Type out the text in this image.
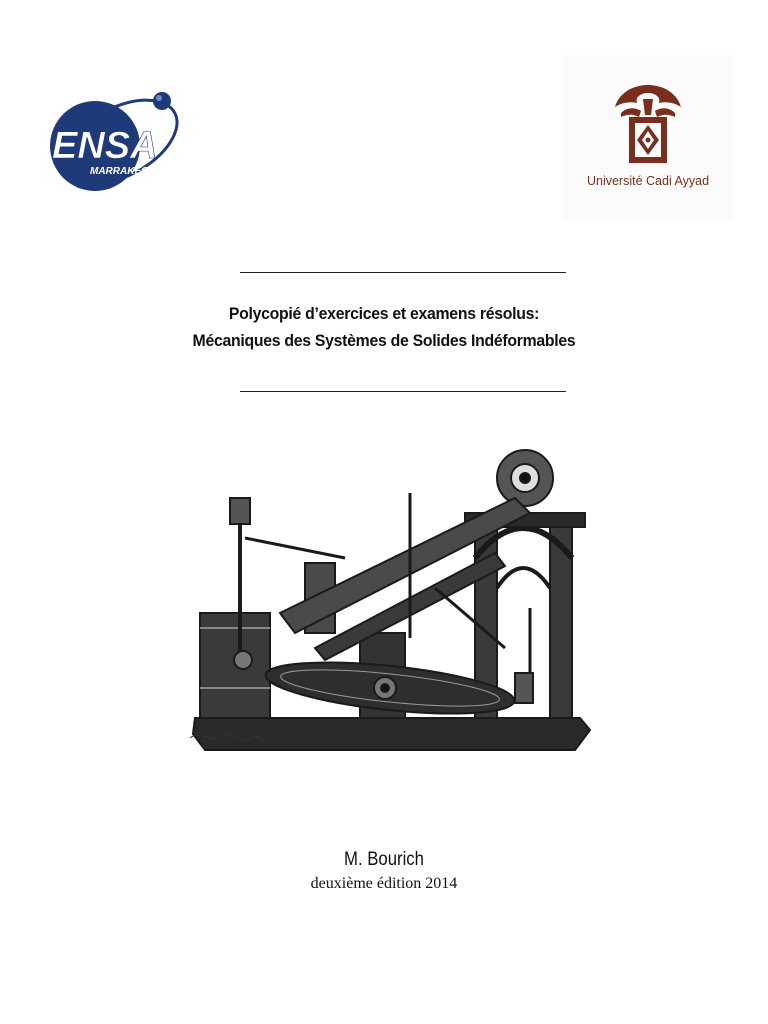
ENSA
MARRAKECH
Université Cadi Ayyad
Polycopié d’exercices et examens résolus:
Mécaniques des Systèmes de Solides Indéformables
M. Bourich
deuxième édition 2014
